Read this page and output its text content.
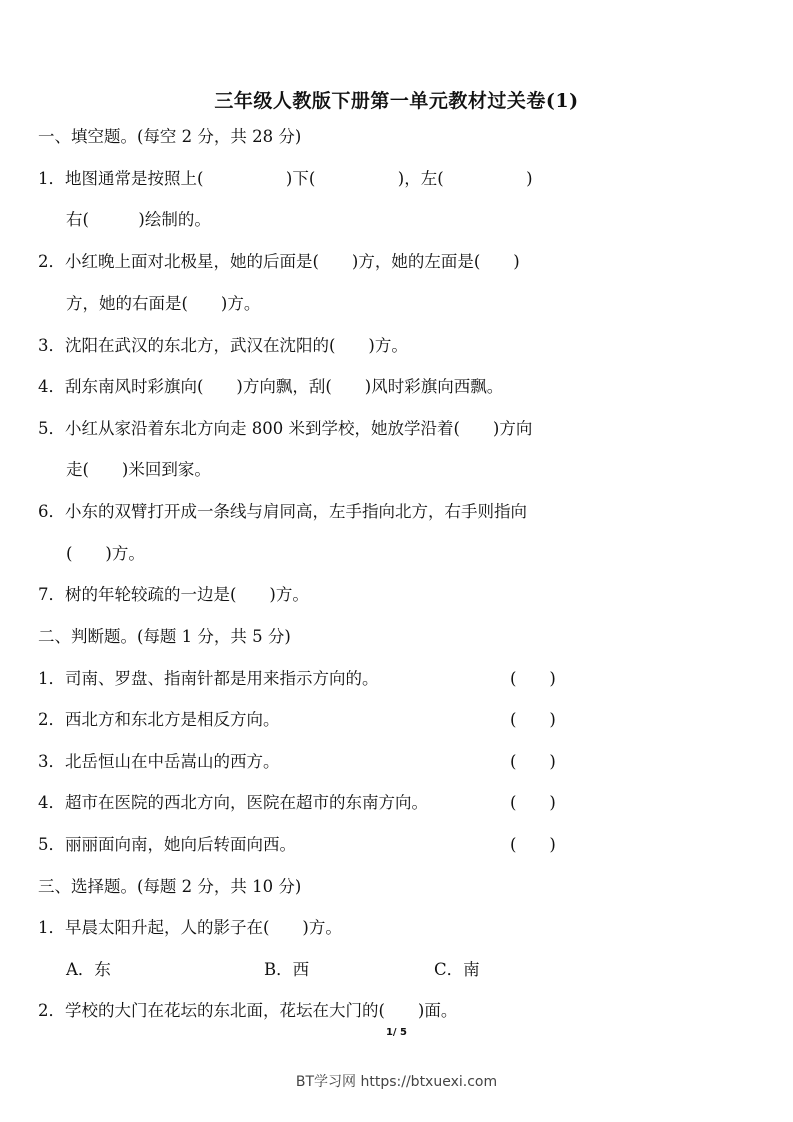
三年级人教版下册第一单元教材过关卷(1)
一、填空题。(每空 2 分，共 28 分)
1．地图通常是按照上(　　　　　)下(　　　　　)，左(　　　　　)
右(　　　)绘制的。
2．小红晚上面对北极星，她的后面是(　　)方，她的左面是(　　)
方，她的右面是(　　)方。
3．沈阳在武汉的东北方，武汉在沈阳的(　　)方。
4．刮东南风时彩旗向(　　)方向飘，刮(　　)风时彩旗向西飘。
5．小红从家沿着东北方向走 800 米到学校，她放学沿着(　　)方向
走(　　)米回到家。
6．小东的双臂打开成一条线与肩同高，左手指向北方，右手则指向
(　　)方。
7．树的年轮较疏的一边是(　　)方。
二、判断题。(每题 1 分，共 5 分)
1．司南、罗盘、指南针都是用来指示方向的。	(　　)
2．西北方和东北方是相反方向。	(　　)
3．北岳恒山在中岳嵩山的西方。	(　　)
4．超市在医院的西北方向，医院在超市的东南方向。	(　　)
5．丽丽面向南，她向后转面向西。	(　　)
三、选择题。(每题 2 分，共 10 分)
1．早晨太阳升起，人的影子在(　　)方。
A．东	B．西	C．南
2．学校的大门在花坛的东北面，花坛在大门的(　　)面。
1/ 5
BT学习网 https://btxuexi.com
